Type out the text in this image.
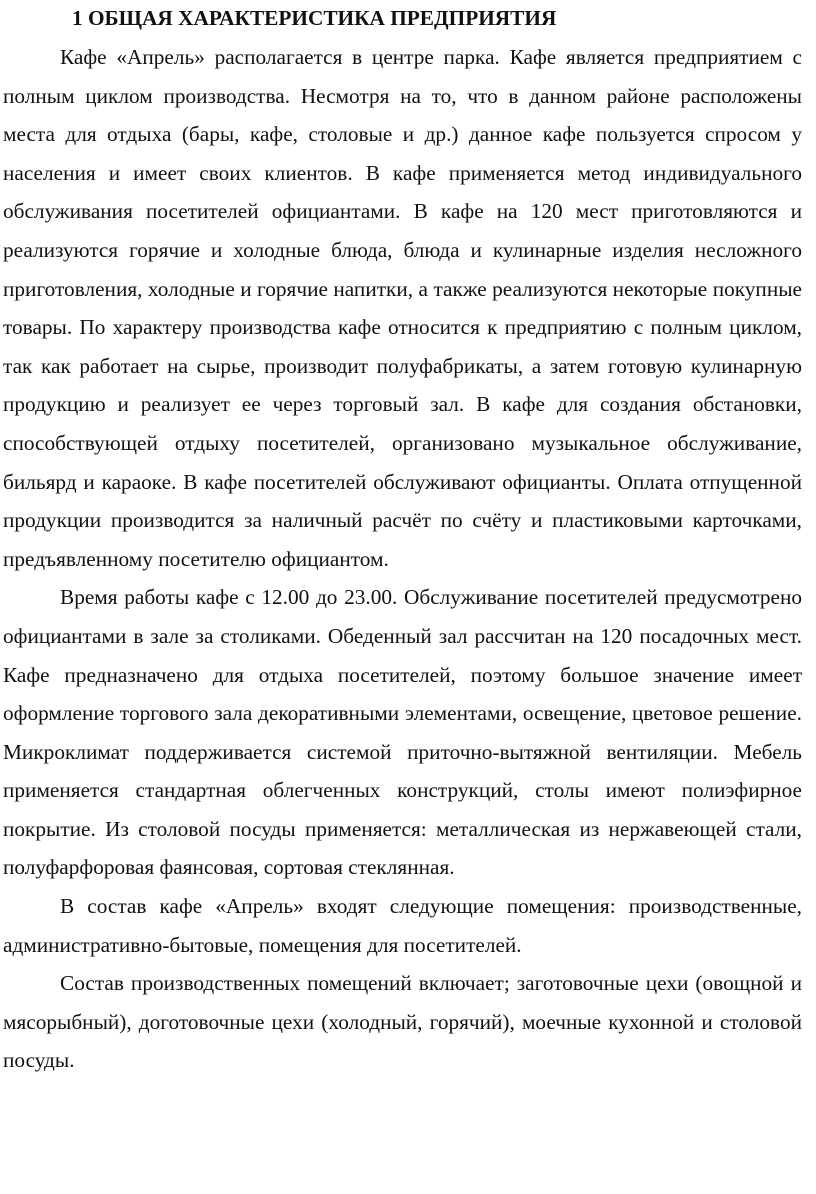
1 ОБЩАЯ ХАРАКТЕРИСТИКА ПРЕДПРИЯТИЯ

Кафе «Апрель» располагается в центре парка. Кафе является предприятием с полным циклом производства. Несмотря на то, что в данном районе расположены места для отдыха (бары, кафе, столовые и др.) данное кафе пользуется спросом у населения и имеет своих клиентов. В кафе применяется метод индивидуального обслуживания посетителей официантами. В кафе на 120 мест приготовляются и реализуются горячие и холодные блюда, блюда и кулинарные изделия несложного приготовления, холодные и горячие напитки, а также реализуются некоторые покупные товары. По характеру производства кафе относится к предприятию с полным циклом, так как работает на сырье, производит полуфабрикаты, а затем готовую кулинарную продукцию и реализует ее через торговый зал. В кафе для создания обстановки, способствующей отдыху посетителей, организовано музыкальное обслуживание, бильярд и караоке. В кафе посетителей обслуживают официанты. Оплата отпущенной продукции производится за наличный расчёт по счёту и пластиковыми карточками, предъявленному посетителю официантом.

Время работы кафе с 12.00 до 23.00. Обслуживание посетителей предусмотрено официантами в зале за столиками. Обеденный зал рассчитан на 120 посадочных мест. Кафе предназначено для отдыха посетителей, поэтому большое значение имеет оформление торгового зала декоративными элементами, освещение, цветовое решение. Микроклимат поддерживается системой приточно-вытяжной вентиляции. Мебель применяется стандартная облегченных конструкций, столы имеют полиэфирное покрытие. Из столовой посуды применяется: металлическая из нержавеющей стали, полуфарфоровая фаянсовая, сортовая стеклянная.

В состав кафе «Апрель» входят следующие помещения: производственные, административно-бытовые, помещения для посетителей.

Состав производственных помещений включает; заготовочные цехи (овощной и мясорыбный), доготовочные цехи (холодный, горячий), моечные кухонной и столовой посуды.
